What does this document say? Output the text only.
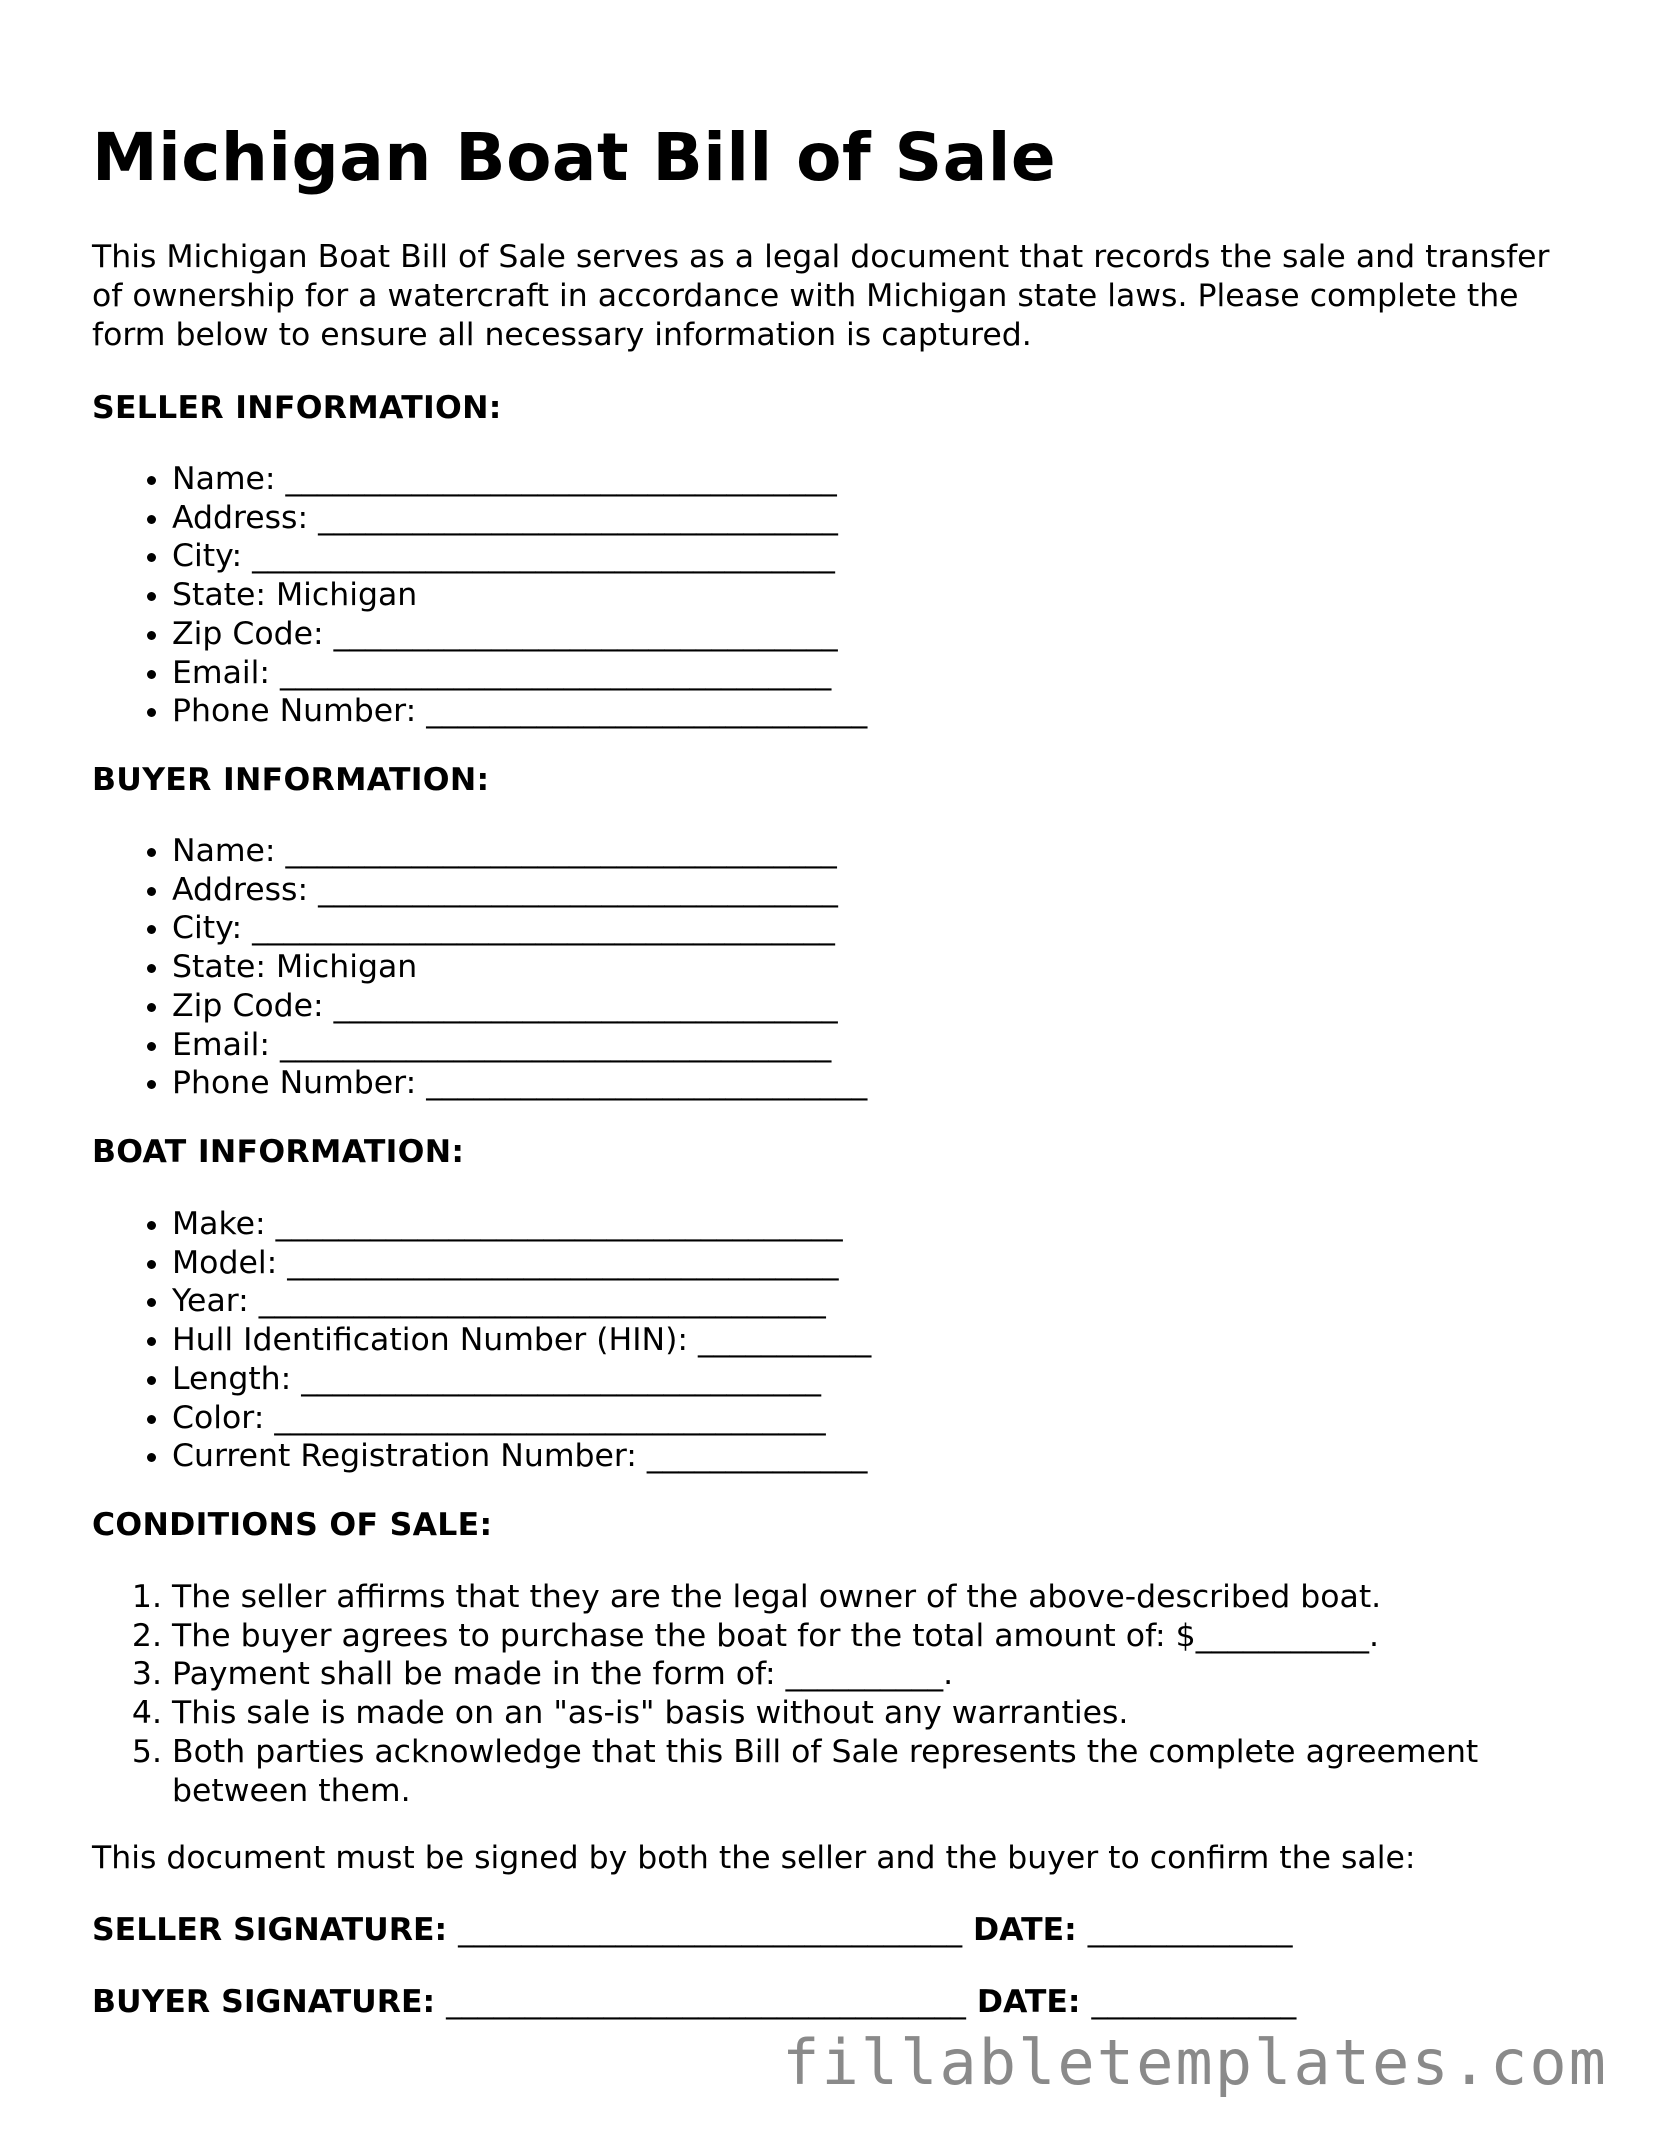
Michigan Boat Bill of Sale

This Michigan Boat Bill of Sale serves as a legal document that records the sale and transfer of ownership for a watercraft in accordance with Michigan state laws. Please complete the form below to ensure all necessary information is captured.

SELLER INFORMATION:
• Name: ___________________________________
• Address: _________________________________
• City: _____________________________________
• State: Michigan
• Zip Code: ________________________________
• Email: ___________________________________
• Phone Number: ____________________________
BUYER INFORMATION:
• Name: ___________________________________
• Address: _________________________________
• City: _____________________________________
• State: Michigan
• Zip Code: ________________________________
• Email: ___________________________________
• Phone Number: ____________________________
BOAT INFORMATION:
• Make: ____________________________________
• Model: ___________________________________
• Year: ____________________________________
• Hull Identification Number (HIN): ___________
• Length: _________________________________
• Color: ___________________________________
• Current Registration Number: ______________
CONDITIONS OF SALE:
1. The seller affirms that they are the legal owner of the above-described boat.
2. The buyer agrees to purchase the boat for the total amount of: $___________.
3. Payment shall be made in the form of: __________.
4. This sale is made on an "as-is" basis without any warranties.
5. Both parties acknowledge that this Bill of Sale represents the complete agreement between them.

This document must be signed by both the seller and the buyer to confirm the sale:

SELLER SIGNATURE: ________________________________ DATE: _____________
BUYER SIGNATURE: _________________________________ DATE: _____________
fillabletemplates.com
